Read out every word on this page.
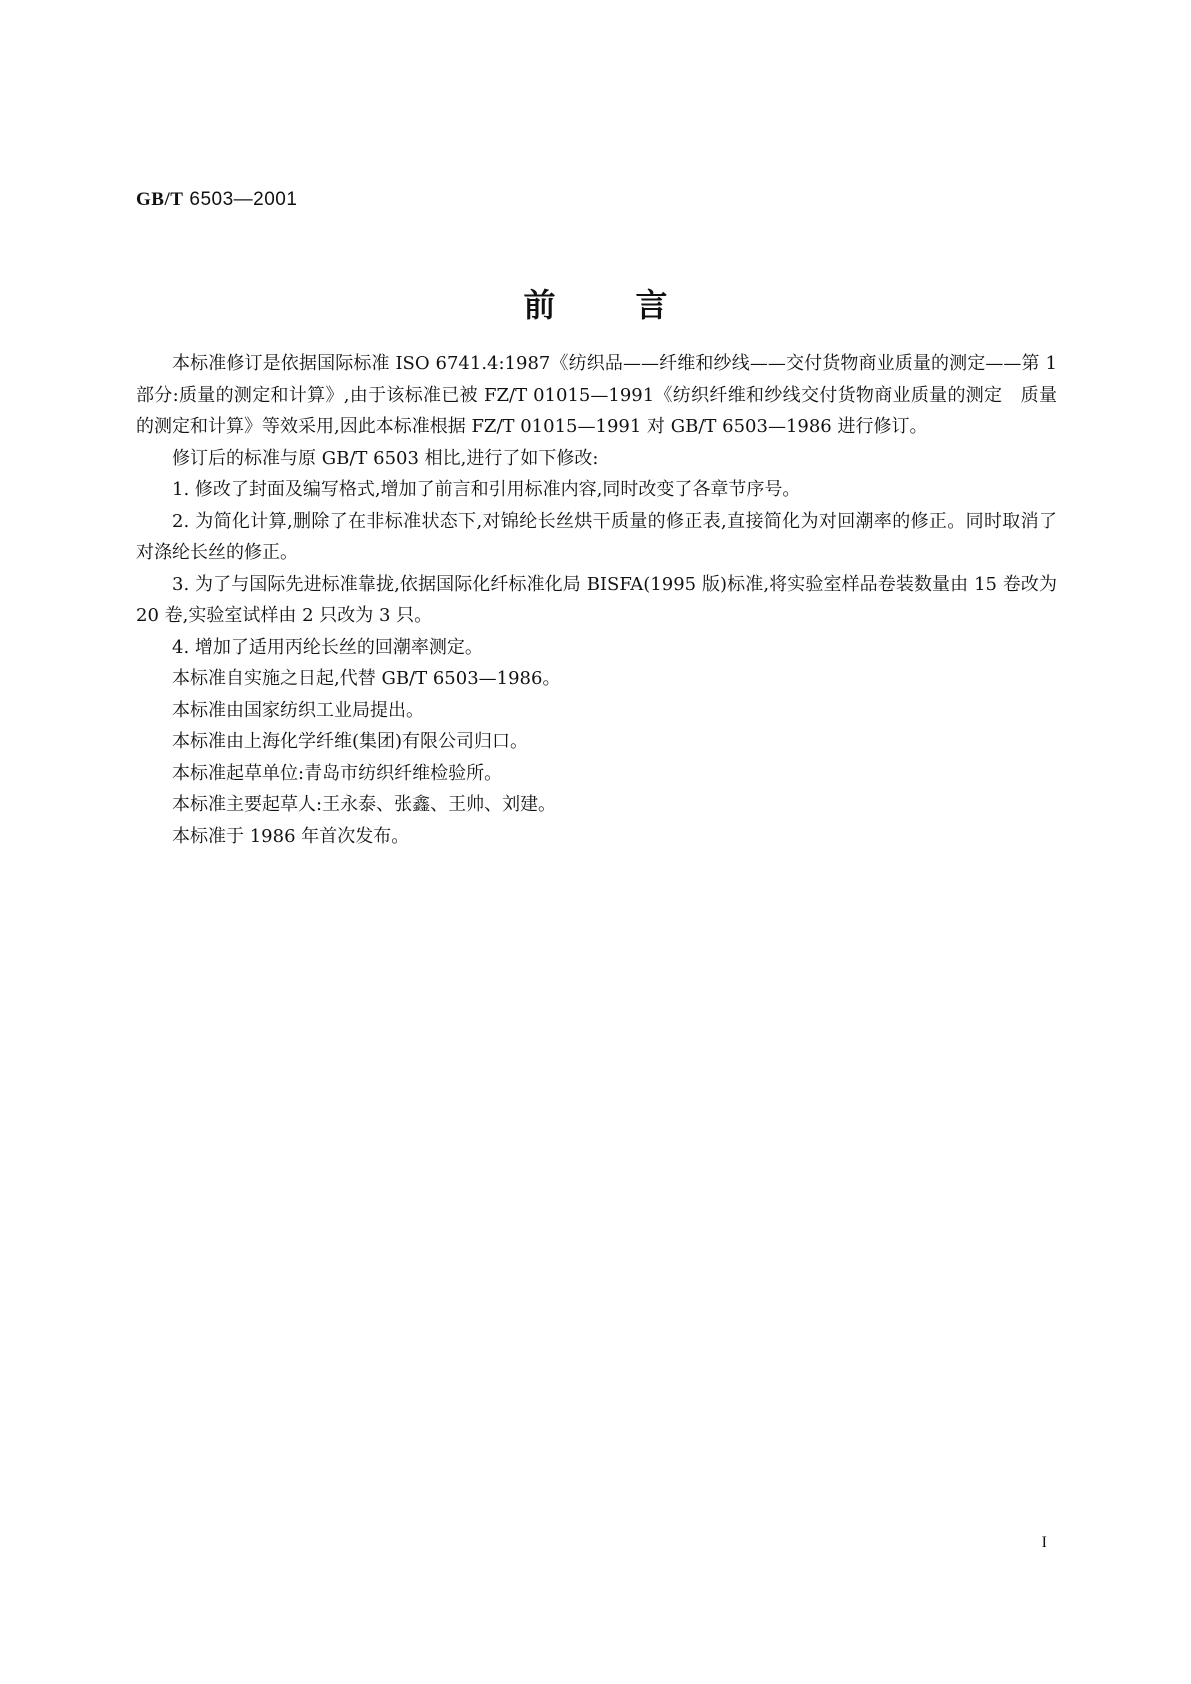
GB/T 6503—2001
前言

本标准修订是依据国际标准 ISO 6741.4:1987《纺织品——纤维和纱线——交付货物商业质量的测定——第 1 部分:质量的测定和计算》,由于该标准已被 FZ/T 01015—1991《纺织纤维和纱线交付货物商业质量的测定　质量的测定和计算》等效采用,因此本标准根据 FZ/T 01015—1991 对 GB/T 6503—1986 进行修订。

修订后的标准与原 GB/T 6503 相比,进行了如下修改:

1. 修改了封面及编写格式,增加了前言和引用标准内容,同时改变了各章节序号。

2. 为简化计算,删除了在非标准状态下,对锦纶长丝烘干质量的修正表,直接简化为对回潮率的修正。同时取消了对涤纶长丝的修正。

3. 为了与国际先进标准靠拢,依据国际化纤标准化局 BISFA(1995 版)标准,将实验室样品卷装数量由 15 卷改为 20 卷,实验室试样由 2 只改为 3 只。

4. 增加了适用丙纶长丝的回潮率测定。

本标准自实施之日起,代替 GB/T 6503—1986。

本标准由国家纺织工业局提出。

本标准由上海化学纤维(集团)有限公司归口。

本标准起草单位:青岛市纺织纤维检验所。

本标准主要起草人:王永泰、张鑫、王帅、刘建。

本标准于 1986 年首次发布。

I
